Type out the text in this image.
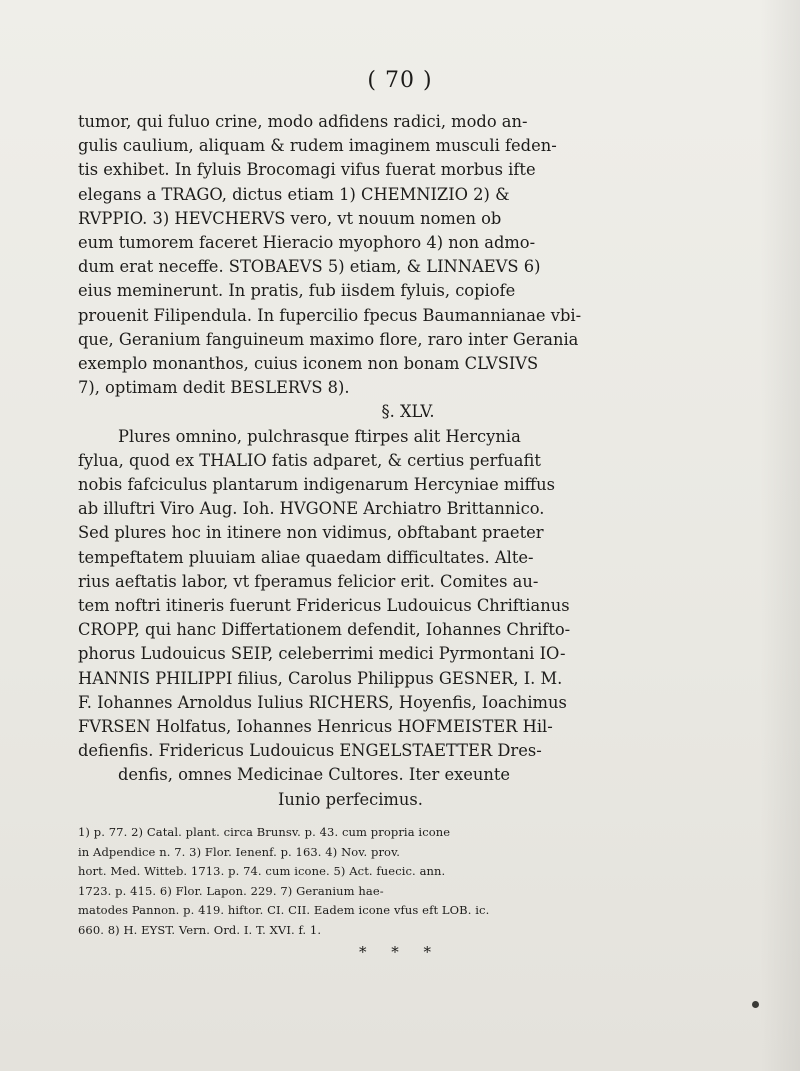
( 70 )
tumor, qui fuluo crine, modo adfidens radici, modo an-
gulis caulium, aliquam & rudem imaginem musculi feden-
tis exhibet. In fyluis Brocomagi vifus fuerat morbus ifte
elegans a TRAGO, dictus etiam 1) CHEMNIZIO 2) &
RVPPIO. 3) HEVCHERVS vero, vt nouum nomen ob
eum tumorem faceret Hieracio myophoro 4) non admo-
dum erat neceffe. STOBAEVS 5) etiam, & LINNAEVS 6)
eius meminerunt. In pratis, fub iisdem fyluis, copiofe
prouenit Filipendula. In fupercilio fpecus Baumannianae vbi-
que, Geranium fanguineum maximo flore, raro inter Gerania
exemplo monanthos, cuius iconem non bonam CLVSIVS
7), optimam dedit BESLERVS 8).
§. XLV.
Plures omnino, pulchrasque ftirpes alit Hercynia
fylua, quod ex THALIO fatis adparet, & certius perfuafit
nobis fafciculus plantarum indigenarum Hercyniae miffus
ab illuftri Viro Aug. Ioh. HVGONE Archiatro Brittannico.
Sed plures hoc in itinere non vidimus, obftabant praeter
tempeftatem pluuiam aliae quaedam difficultates. Alte-
rius aeftatis labor, vt fperamus felicior erit. Comites au-
tem noftri itineris fuerunt Fridericus Ludouicus Chriftianus
CROPP, qui hanc Differtationem defendit, Iohannes Chrifto-
phorus Ludouicus SEIP, celeberrimi medici Pyrmontani IO-
HANNIS PHILIPPI filius, Carolus Philippus GESNER, I. M.
F. Iohannes Arnoldus Iulius RICHERS, Hoyenfis, Ioachimus
FVRSEN Holfatus, Iohannes Henricus HOFMEISTER Hil-
defienfis. Fridericus Ludouicus ENGELSTAETTER Dres-
denfis, omnes Medicinae Cultores. Iter exeunte
Iunio perfecimus.
1) p. 77. 2) Catal. plant. circa Brunsv. p. 43. cum propria icone
in Adpendice n. 7. 3) Flor. Ienenf. p. 163. 4) Nov. prov.
hort. Med. Witteb. 1713. p. 74. cum icone. 5) Act. fuecic. ann.
1723. p. 415. 6) Flor. Lapon. 229. 7) Geranium hae-
matodes Pannon. p. 419. hiftor. CI. CII. Eadem icone vfus eft LOB. ic.
660. 8) H. EYST. Vern. Ord. I. T. XVI. f. 1.
* * *
